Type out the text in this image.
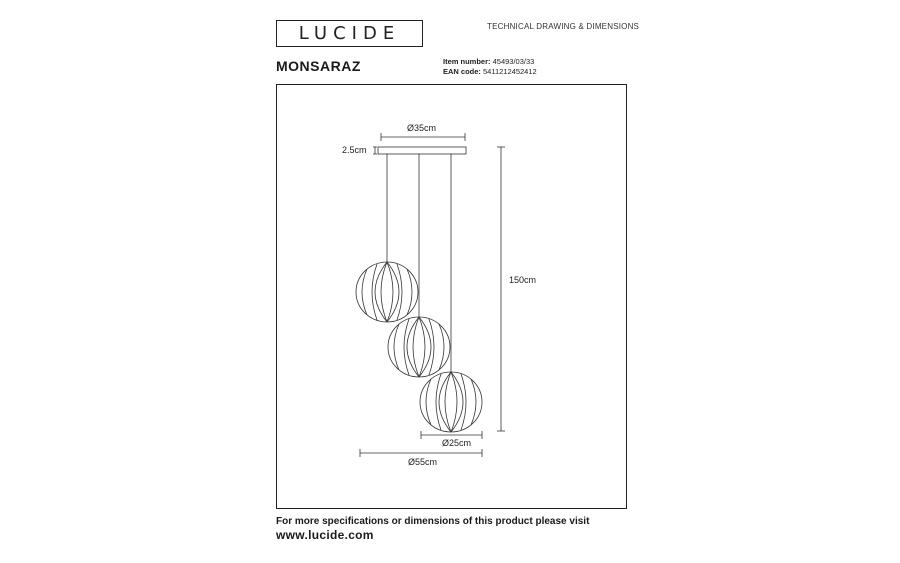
LUCIDE	TECHNICAL DRAWING & DIMENSIONS
MONSARAZ	Item number: 45493/03/33
EAN code: 5411212452412
Ø35cm
2.5cm
150cm
Ø25cm
Ø55cm
For more specifications or dimensions of this product please visit
www.lucide.com
